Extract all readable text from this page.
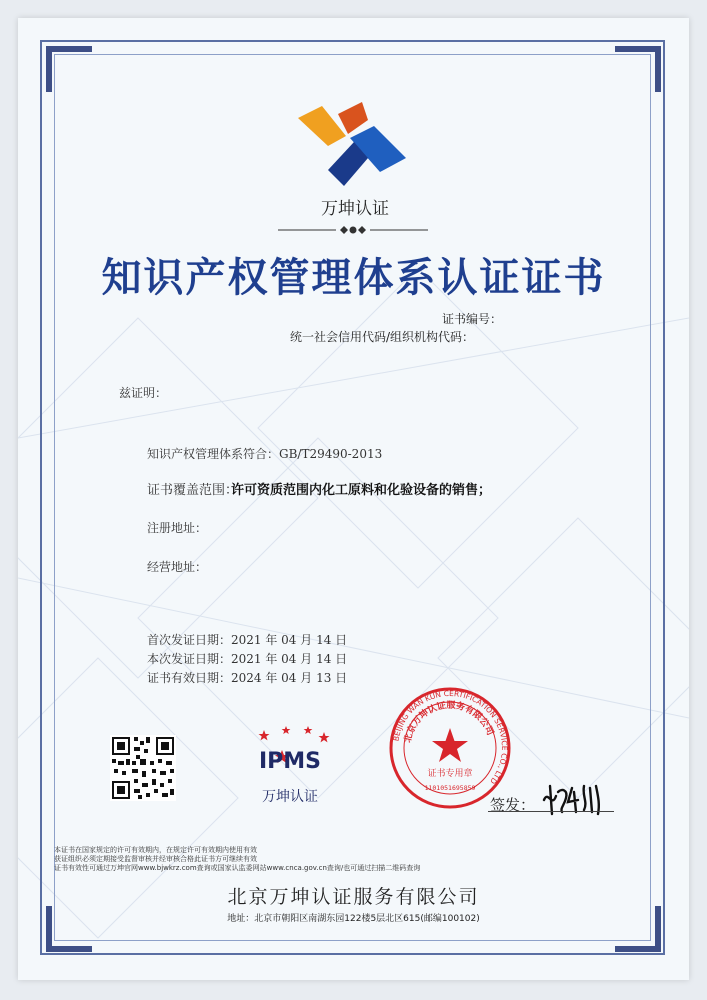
万坤认证
知识产权管理体系认证证书
证书编号：
统一社会信用代码/组织机构代码：
兹证明：
知识产权管理体系符合：GB/T29490-2013
证书覆盖范围：
许可资质范围内化工原料和化验设备的销售；
注册地址：
经营地址：
首次发证日期：2021 年 04 月 14 日
本次发证日期：2021 年 04 月 14 日
证书有效日期：2024 年 04 月 13 日
IPMS
万坤认证
BEIJING WAN KUN CERTIFICATION SERVICE CO., LTD
北京万坤认证服务有限公司
证书专用章
1101051695859
签发：
本证书在国家规定的许可有效期内，在规定许可有效期内使用有效
获证组织必须定期接受监督审核并经审核合格此证书方可继续有效
证书有效性可通过万坤官网www.bjwkrz.com查询或国家认监委网站www.cnca.gov.cn查询/也可通过扫描二维码查询
北京万坤认证服务有限公司
地址：北京市朝阳区南湖东园122楼5层北区615(邮编100102)
